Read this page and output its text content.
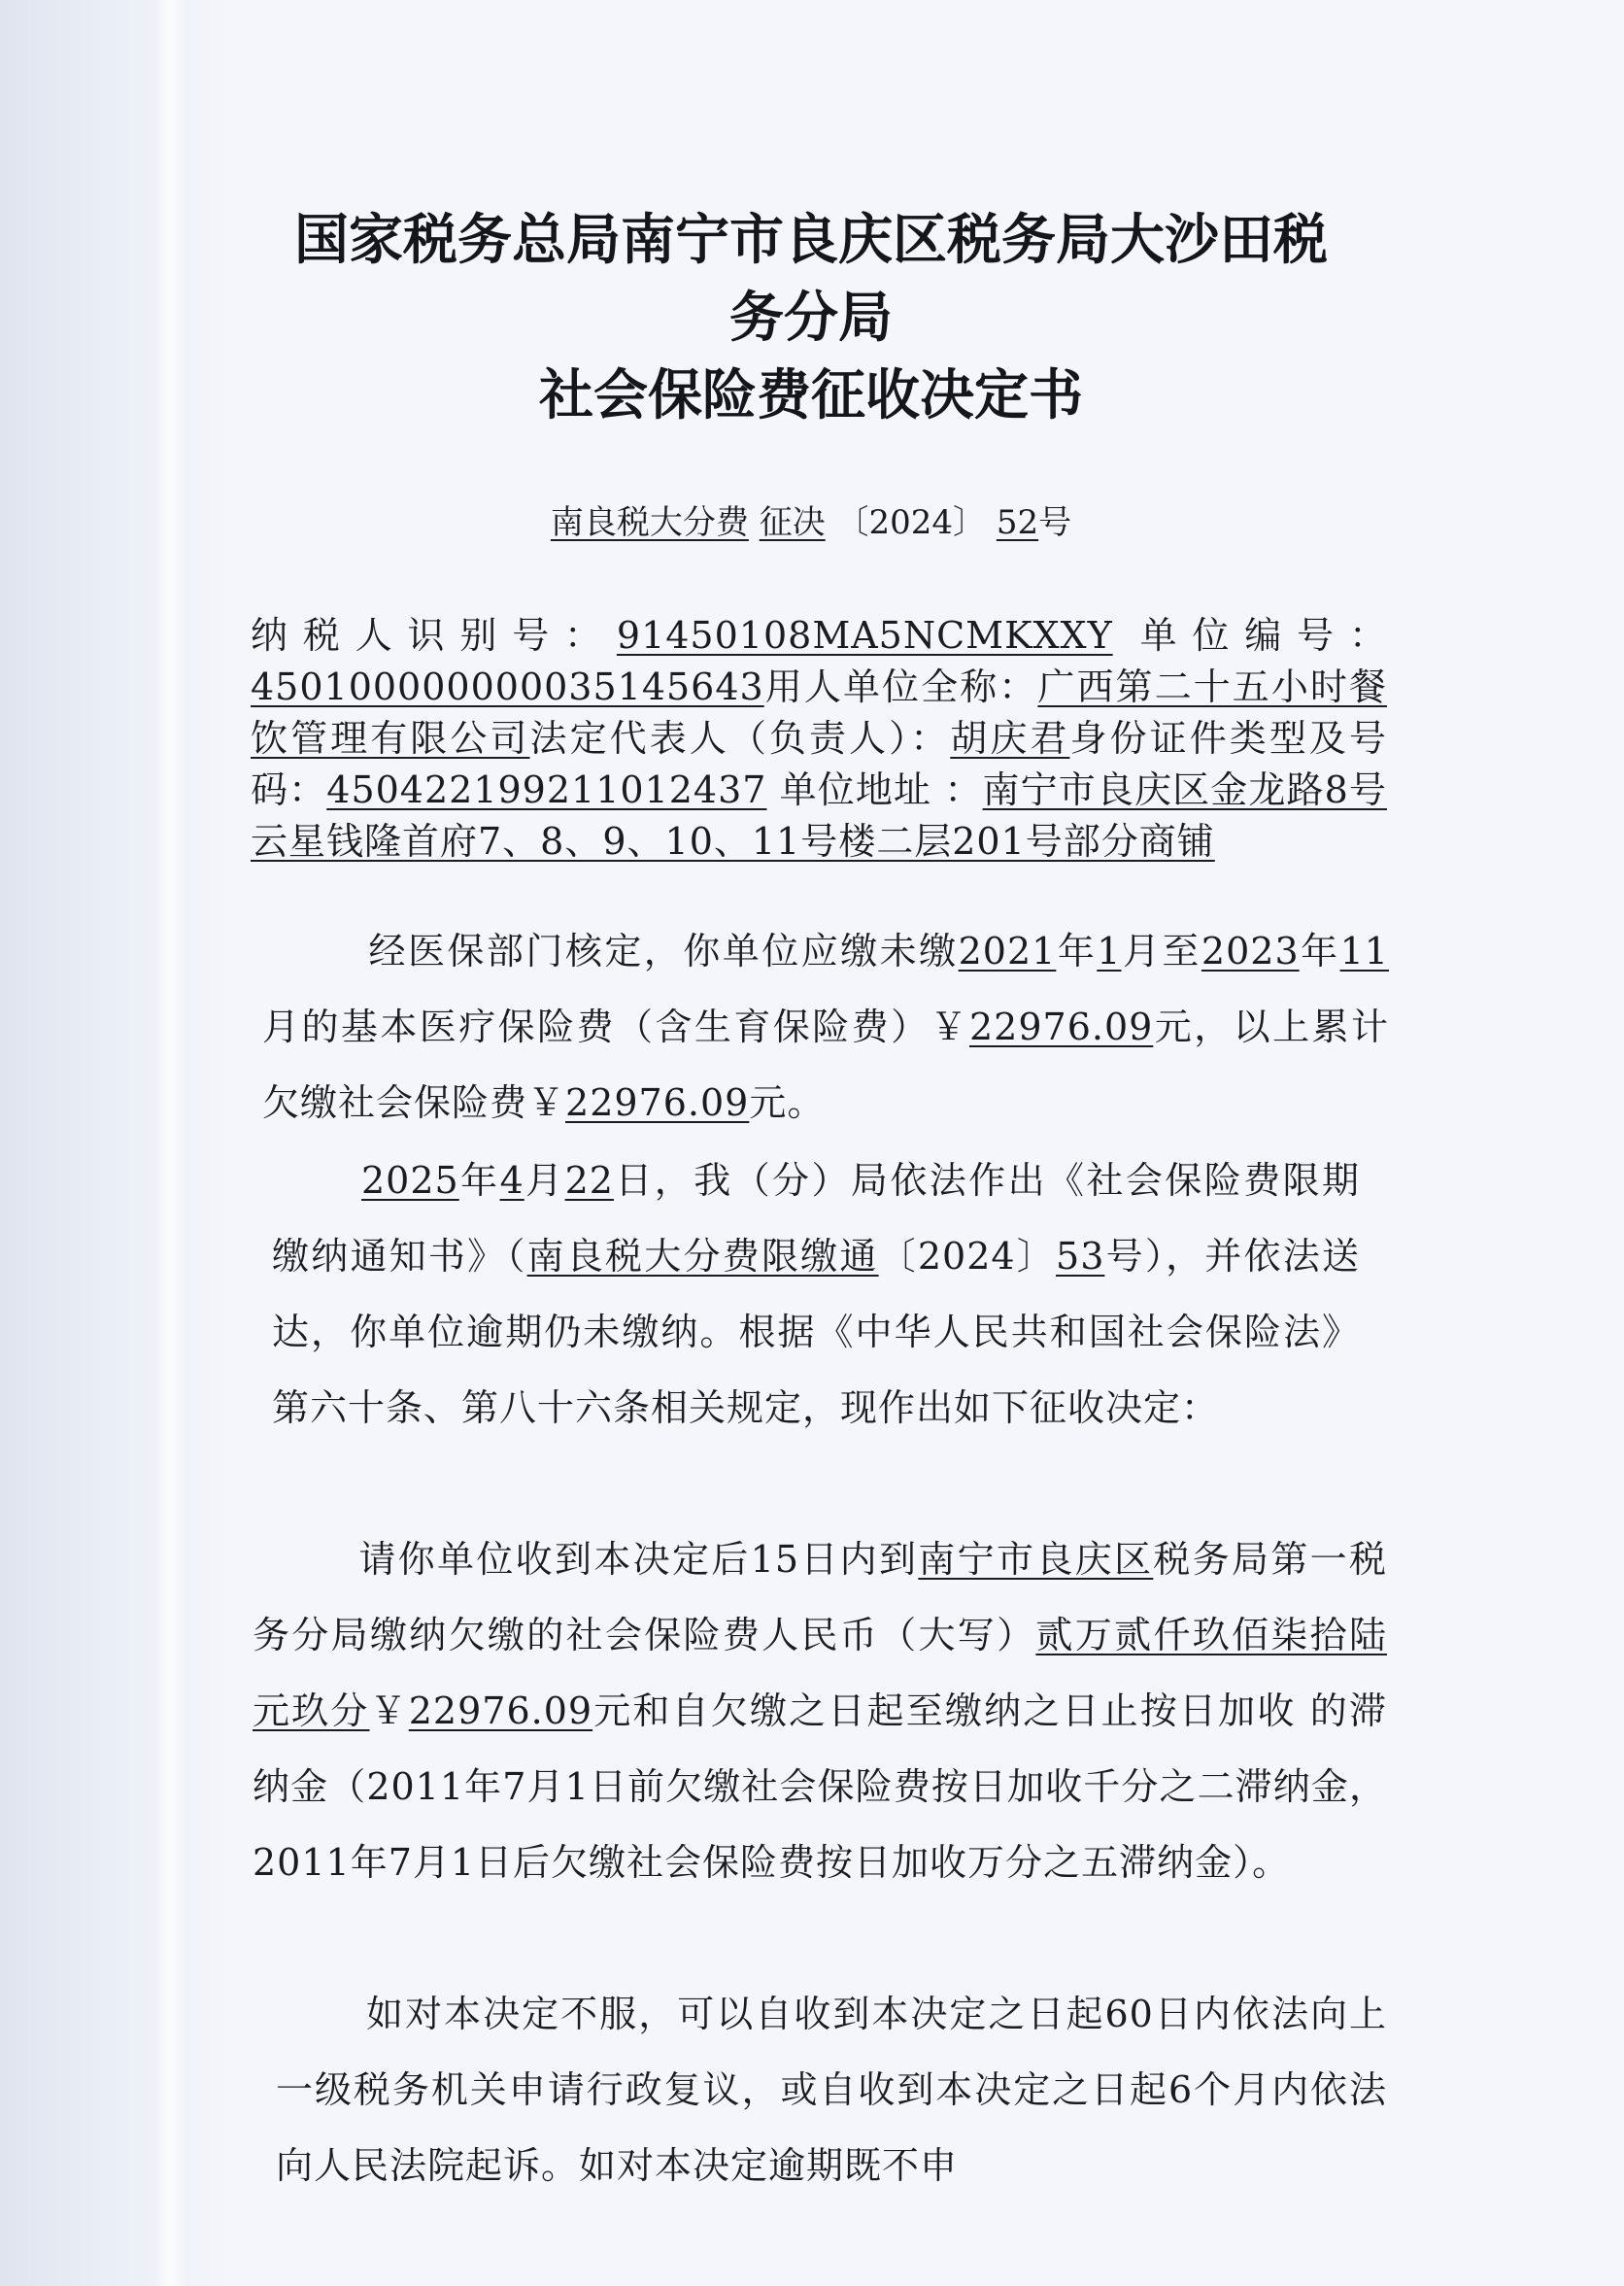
国家税务总局南宁市良庆区税务局大沙田税
务分局
社会保险费征收决定书
南良税大分费 征决 〔2024〕 52号
纳税人识别号：91450108MA5NCMKXXY 单位编号：450100000000035145643用人单位全称：广西第二十五小时餐饮管理有限公司法定代表人（负责人）：胡庆君身份证件类型及号码：450422199211012437 单位地址 ：南宁市良庆区金龙路8号云星钱隆首府7、8、9、10、11号楼二层201号部分商铺
经医保部门核定，你单位应缴未缴2021年1月至2023年11月的基本医疗保险费（含生育保险费）￥22976.09元，以上累计欠缴社会保险费￥22976.09元。
2025年4月22日，我（分）局依法作出《社会保险费限期缴纳通知书》（南良税大分费限缴通〔2024〕53号），并依法送达，你单位逾期仍未缴纳。根据《中华人民共和国社会保险法》第六十条、第八十六条相关规定，现作出如下征收决定：
请你单位收到本决定后15日内到南宁市良庆区税务局第一税务分局缴纳欠缴的社会保险费人民币（大写）贰万贰仟玖佰柒拾陆元玖分￥22976.09元和自欠缴之日起至缴纳之日止按日加收 的滞纳金（2011年7月1日前欠缴社会保险费按日加收千分之二滞纳金，2011年7月1日后欠缴社会保险费按日加收万分之五滞纳金）。
如对本决定不服，可以自收到本决定之日起60日内依法向上一级税务机关申请行政复议，或自收到本决定之日起6个月内依法向人民法院起诉。如对本决定逾期既不申
